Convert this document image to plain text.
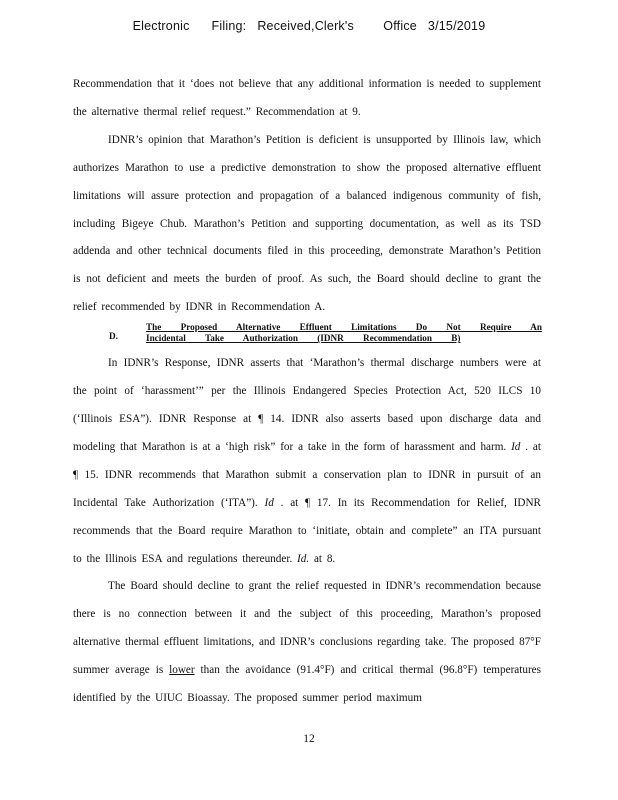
Electronic      Filing:   Received,Clerk's        Office   3/15/2019

Recommendation that it ‘does not believe that any additional information is needed to supplement the alternative thermal relief request.” Recommendation at 9.

IDNR’s opinion that Marathon’s Petition is deficient is unsupported by Illinois law, which authorizes Marathon to use a predictive demonstration to show the proposed alternative effluent limitations will assure protection and propagation of a balanced indigenous community of fish, including Bigeye Chub. Marathon’s Petition and supporting documentation, as well as its TSD addenda and other technical documents filed in this proceeding, demonstrate Marathon’s Petition is not deficient and meets the burden of proof. As such, the Board should decline to grant the relief recommended by IDNR in Recommendation A.

D.
The Proposed Alternative Effluent Limitations Do Not Require An
Incidental Take Authorization (IDNR Recommendation B)

In IDNR’s Response, IDNR asserts that ‘Marathon’s thermal discharge numbers were at the point of ‘harassment’” per the Illinois Endangered Species Protection Act, 520 ILCS 10 (‘Illinois ESA”). IDNR Response at ¶ 14. IDNR also asserts based upon discharge data and modeling that Marathon is at a ‘high risk” for a take in the form of harassment and harm. Id . at ¶ 15. IDNR recommends that Marathon submit a conservation plan to IDNR in pursuit of an Incidental Take Authorization (‘ITA”). Id . at ¶ 17. In its Recommendation for Relief, IDNR recommends that the Board require Marathon to ‘initiate, obtain and complete” an ITA pursuant to the Illinois ESA and regulations thereunder. Id. at 8.

The Board should decline to grant the relief requested in IDNR’s recommendation because there is no connection between it and the subject of this proceeding, Marathon’s proposed alternative thermal effluent limitations, and IDNR’s conclusions regarding take. The proposed 87°F summer average is lower than the avoidance (91.4°F) and critical thermal (96.8°F) temperatures identified by the UIUC Bioassay. The proposed summer period maximum

12
